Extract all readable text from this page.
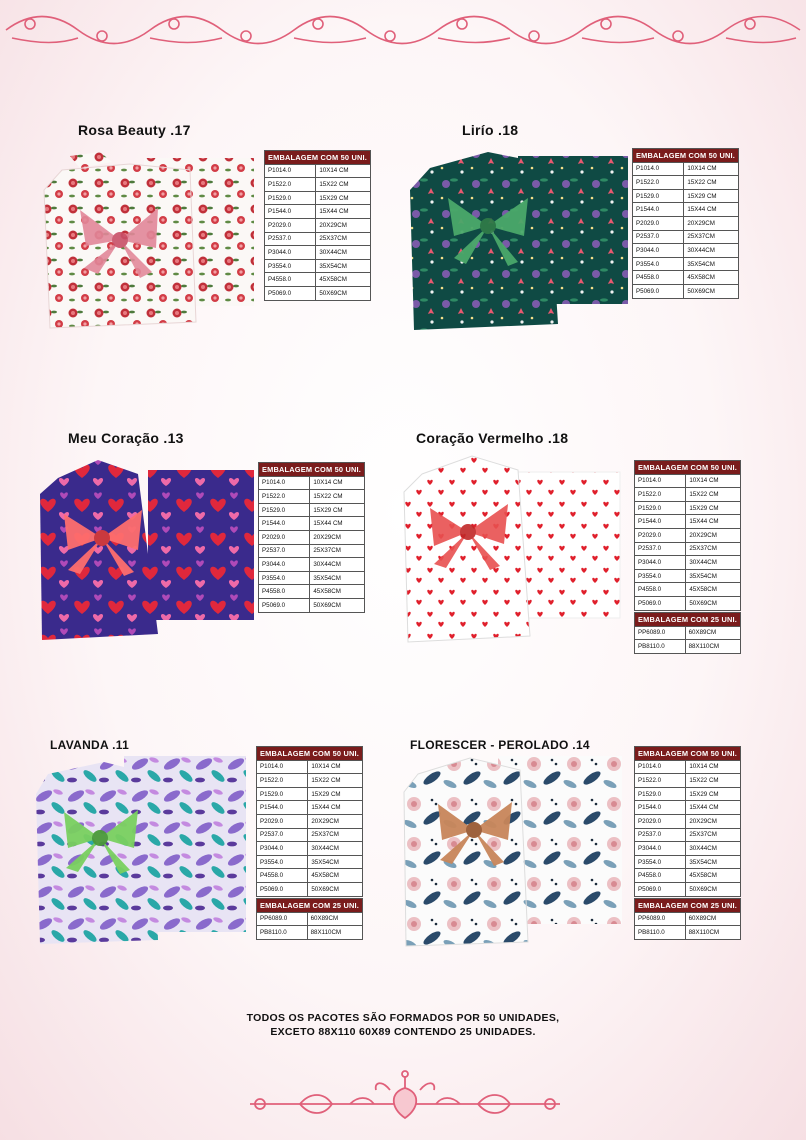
Rosa Beauty .17
EMBALAGEM COM 50 UNI.	
P1014.0	10X14 CM
P1522.0	15X22 CM
P1529.0	15X29 CM
P1544.0	15X44 CM
P2029.0	20X29CM
P2537.0	25X37CM
P3044.0	30X44CM
P3554.0	35X54CM
P4558.0	45X58CM
P5069.0	50X69CM
Lirío .18
EMBALAGEM COM 50 UNI.	
P1014.0	10X14 CM
P1522.0	15X22 CM
P1529.0	15X29 CM
P1544.0	15X44 CM
P2029.0	20X29CM
P2537.0	25X37CM
P3044.0	30X44CM
P3554.0	35X54CM
P4558.0	45X58CM
P5069.0	50X69CM
Meu Coração .13
EMBALAGEM COM 50 UNI.	
P1014.0	10X14 CM
P1522.0	15X22 CM
P1529.0	15X29 CM
P1544.0	15X44 CM
P2029.0	20X29CM
P2537.0	25X37CM
P3044.0	30X44CM
P3554.0	35X54CM
P4558.0	45X58CM
P5069.0	50X69CM
Coração Vermelho .18
EMBALAGEM COM 50 UNI.	
P1014.0	10X14 CM
P1522.0	15X22 CM
P1529.0	15X29 CM
P1544.0	15X44 CM
P2029.0	20X29CM
P2537.0	25X37CM
P3044.0	30X44CM
P3554.0	35X54CM
P4558.0	45X58CM
P5069.0	50X69CM
EMBALAGEM COM 25 UNI.	
PP6089.0	60X89CM
PB8110.0	88X110CM
LAVANDA .11
EMBALAGEM COM 50 UNI.	
P1014.0	10X14 CM
P1522.0	15X22 CM
P1529.0	15X29 CM
P1544.0	15X44 CM
P2029.0	20X29CM
P2537.0	25X37CM
P3044.0	30X44CM
P3554.0	35X54CM
P4558.0	45X58CM
P5069.0	50X69CM
EMBALAGEM COM 25 UNI.	
PP6089.0	60X89CM
PB8110.0	88X110CM
FLORESCER - PEROLADO .14
EMBALAGEM COM 50 UNI.	
P1014.0	10X14 CM
P1522.0	15X22 CM
P1529.0	15X29 CM
P1544.0	15X44 CM
P2029.0	20X29CM
P2537.0	25X37CM
P3044.0	30X44CM
P3554.0	35X54CM
P4558.0	45X58CM
P5069.0	50X69CM
EMBALAGEM COM 25 UNI.	
PP6089.0	60X89CM
PB8110.0	88X110CM
TODOS OS PACOTES SÃO FORMADOS POR 50 UNIDADES,
EXCETO 88X110 60X89 CONTENDO 25 UNIDADES.
